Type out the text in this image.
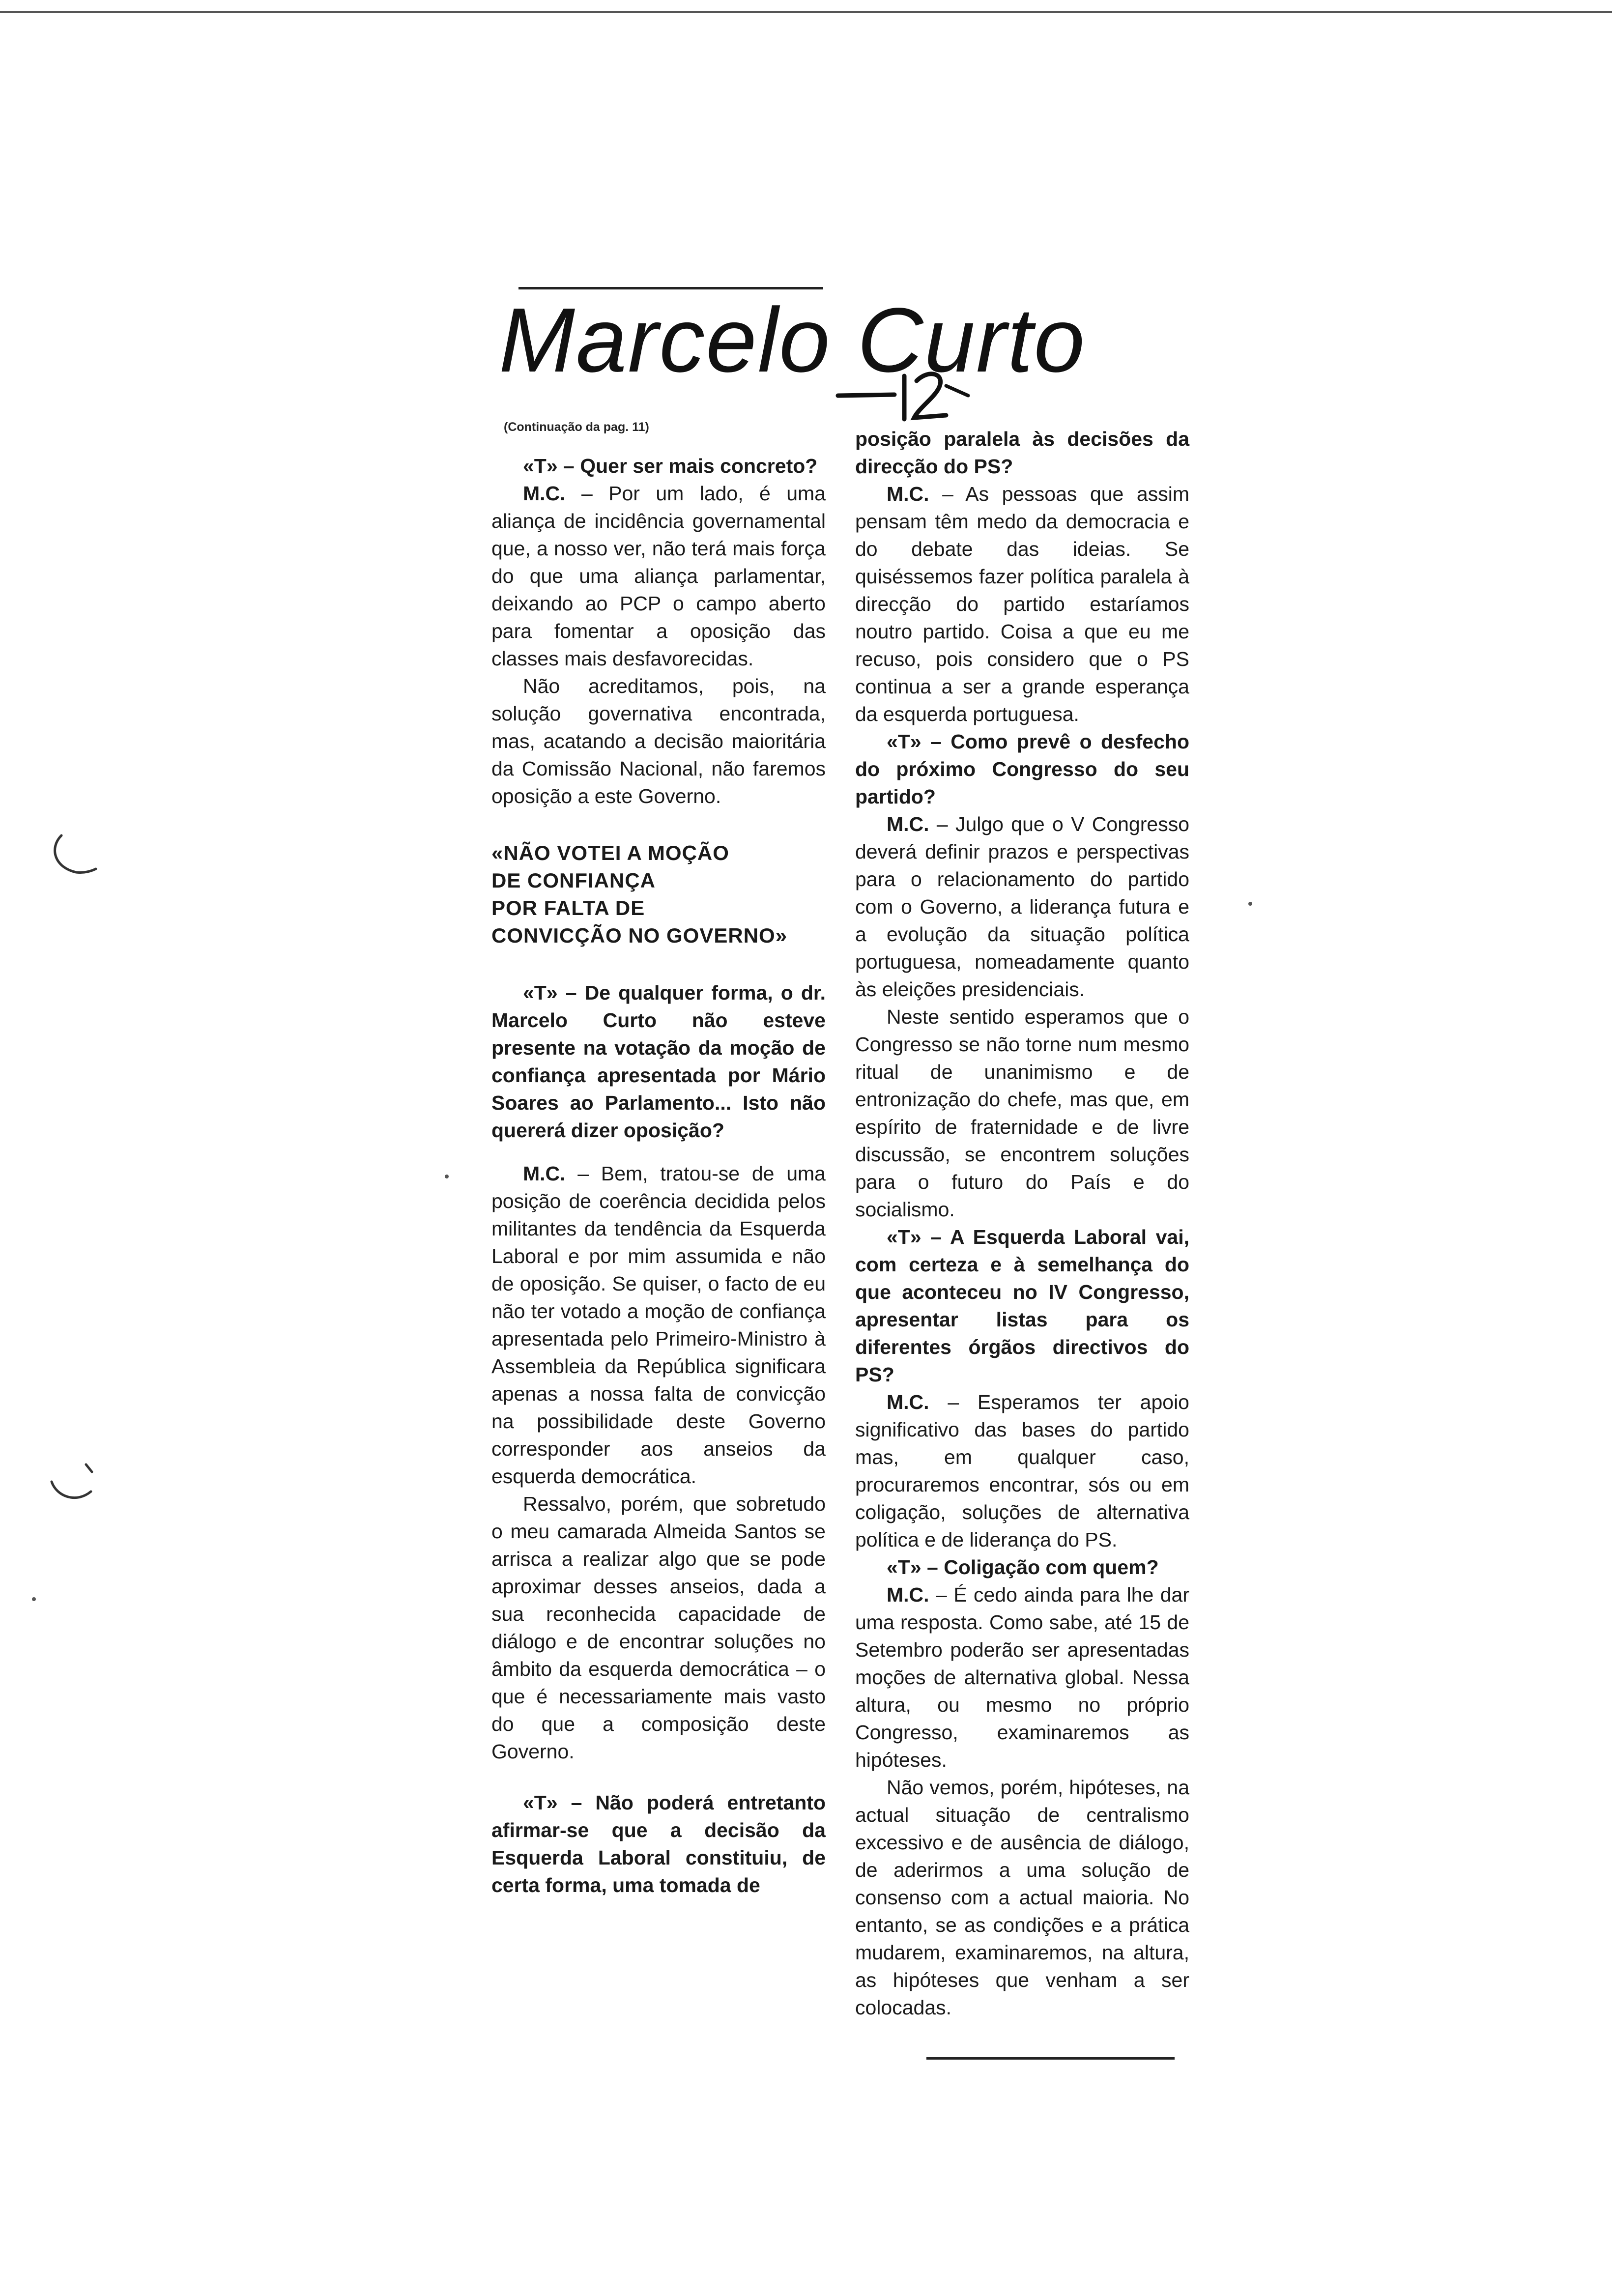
Marcelo Curto

(Continuação da pag. 11)

«T» – Quer ser mais concreto?

M.C. – Por um lado, é uma aliança de incidência governamental que, a nosso ver, não terá mais força do que uma aliança parlamentar, deixando ao PCP o campo aberto para fomentar a oposição das classes mais desfavorecidas.

Não acreditamos, pois, na solução governativa encontrada, mas, acatando a decisão maioritária da Comissão Nacional, não faremos oposição a este Governo.

«NÃO VOTEI A MOÇÃO
DE CONFIANÇA
POR FALTA DE
CONVICÇÃO NO GOVERNO»

«T» – De qualquer forma, o dr. Marcelo Curto não esteve presente na votação da moção de confiança apresentada por Mário Soares ao Parlamento... Isto não quererá dizer oposição?

M.C. – Bem, tratou-se de uma posição de coerência decidida pelos militantes da tendência da Esquerda Laboral e por mim assumida e não de oposição. Se quiser, o facto de eu não ter votado a moção de confiança apresentada pelo Primeiro-Ministro à Assembleia da República significara apenas a nossa falta de convicção na possibilidade deste Governo corresponder aos anseios da esquerda democrática.

Ressalvo, porém, que sobretudo o meu camarada Almeida Santos se arrisca a realizar algo que se pode aproximar desses anseios, dada a sua reconhecida capacidade de diálogo e de encontrar soluções no âmbito da esquerda democrática – o que é necessariamente mais vasto do que a composição deste Governo.

«T» – Não poderá entretanto afirmar-se que a decisão da Esquerda Laboral constituiu, de certa forma, uma tomada de

posição paralela às decisões da direcção do PS?

M.C. – As pessoas que assim pensam têm medo da democracia e do debate das ideias. Se quiséssemos fazer política paralela à direcção do partido estaríamos noutro partido. Coisa a que eu me recuso, pois considero que o PS continua a ser a grande esperança da esquerda portuguesa.

«T» – Como prevê o desfecho do próximo Congresso do seu partido?

M.C. – Julgo que o V Congresso deverá definir prazos e perspectivas para o relacionamento do partido com o Governo, a liderança futura e a evolução da situação política portuguesa, nomeadamente quanto às eleições presidenciais.

Neste sentido esperamos que o Congresso se não torne num mesmo ritual de unanimismo e de entronização do chefe, mas que, em espírito de fraternidade e de livre discussão, se encontrem soluções para o futuro do País e do socialismo.

«T» – A Esquerda Laboral vai, com certeza e à semelhança do que aconteceu no IV Congresso, apresentar listas para os diferentes órgãos directivos do PS?

M.C. – Esperamos ter apoio significativo das bases do partido mas, em qualquer caso, procuraremos encontrar, sós ou em coligação, soluções de alternativa política e de liderança do PS.

«T» – Coligação com quem?

M.C. – É cedo ainda para lhe dar uma resposta. Como sabe, até 15 de Setembro poderão ser apresentadas moções de alternativa global. Nessa altura, ou mesmo no próprio Congresso, examinaremos as hipóteses.

Não vemos, porém, hipóteses, na actual situação de centralismo excessivo e de ausência de diálogo, de aderirmos a uma solução de consenso com a actual maioria. No entanto, se as condições e a prática mudarem, examinaremos, na altura, as hipóteses que venham a ser colocadas.
